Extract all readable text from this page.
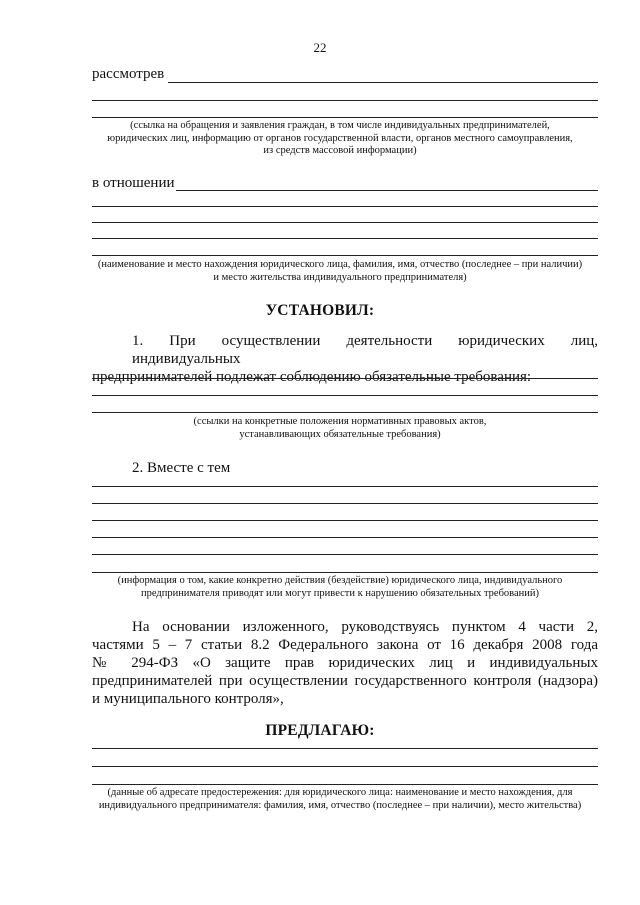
22
рассмотрев
(ссылка на обращения и заявления граждан, в том числе индивидуальных предпринимателей,
юридических лиц, информацию от органов государственной власти, органов местного самоуправления,
из средств массовой информации)
в отношении
(наименование и место нахождения юридического лица, фамилия, имя, отчество (последнее – при наличии)
и место жительства индивидуального предпринимателя)
УСТАНОВИЛ:
1. При осуществлении деятельности юридических лиц, индивидуальных
предпринимателей подлежат соблюдению обязательные требования:
(ссылки на конкретные положения нормативных правовых актов,
устанавливающих обязательные требования)
2. Вместе с тем
(информация о том, какие конкретно действия (бездействие) юридического лица, индивидуального
предпринимателя приводят или могут привести к нарушению обязательных требований)
На основании изложенного, руководствуясь пунктом 4 части 2,
частями 5 – 7 статьи 8.2 Федерального закона от 16 декабря 2008 года
№ 294-ФЗ «О защите прав юридических лиц и индивидуальных
предпринимателей при осуществлении государственного контроля (надзора)
и муниципального контроля»,
ПРЕДЛАГАЮ:
(данные об адресате предостережения: для юридического лица: наименование и место нахождения, для
индивидуального предпринимателя: фамилия, имя, отчество (последнее – при наличии), место жительства)
